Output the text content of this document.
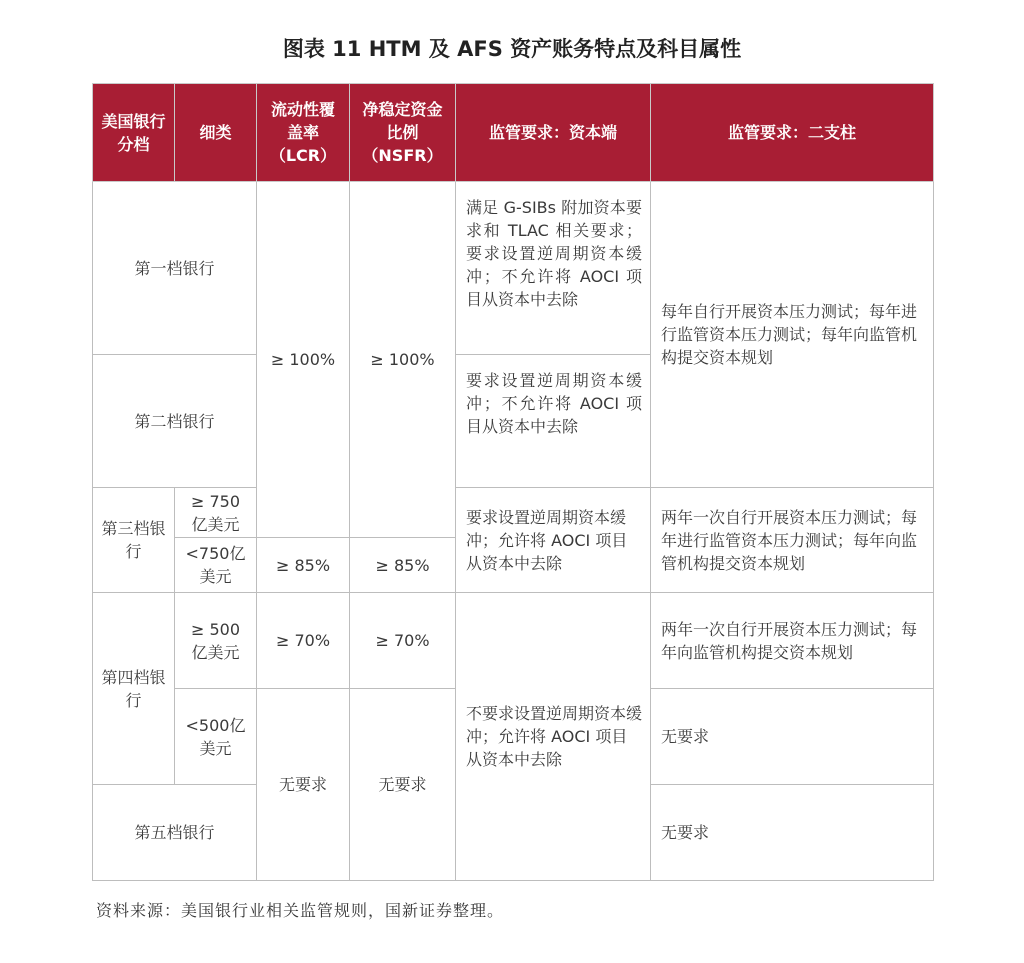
图表 11 HTM 及 AFS 资产账务特点及科目属性
美国银行分档	细类	流动性覆盖率（LCR）	净稳定资金比例（NSFR）	监管要求：资本端	监管要求：二支柱
第一档银行		≥ 100%	≥ 100%	满足 G-SIBs 附加资本要求和 TLAC 相关要求；要求设置逆周期资本缓冲；不允许将 AOCI 项目从资本中去除	每年自行开展资本压力测试；每年进行监管资本压力测试；每年向监管机构提交资本规划
第二档银行				要求设置逆周期资本缓冲；不允许将 AOCI 项目从资本中去除	
第三档银行	≥ 750亿美元			要求设置逆周期资本缓冲；允许将 AOCI 项目从资本中去除	两年一次自行开展资本压力测试；每年进行监管资本压力测试；每年向监管机构提交资本规划
	<750亿美元	≥ 85%	≥ 85%		
第四档银行	≥ 500亿美元	≥ 70%	≥ 70%	不要求设置逆周期资本缓冲；允许将 AOCI 项目从资本中去除	两年一次自行开展资本压力测试；每年向监管机构提交资本规划
	<500亿美元	无要求	无要求		无要求
第五档银行					无要求
资料来源：美国银行业相关监管规则，国新证券整理。
